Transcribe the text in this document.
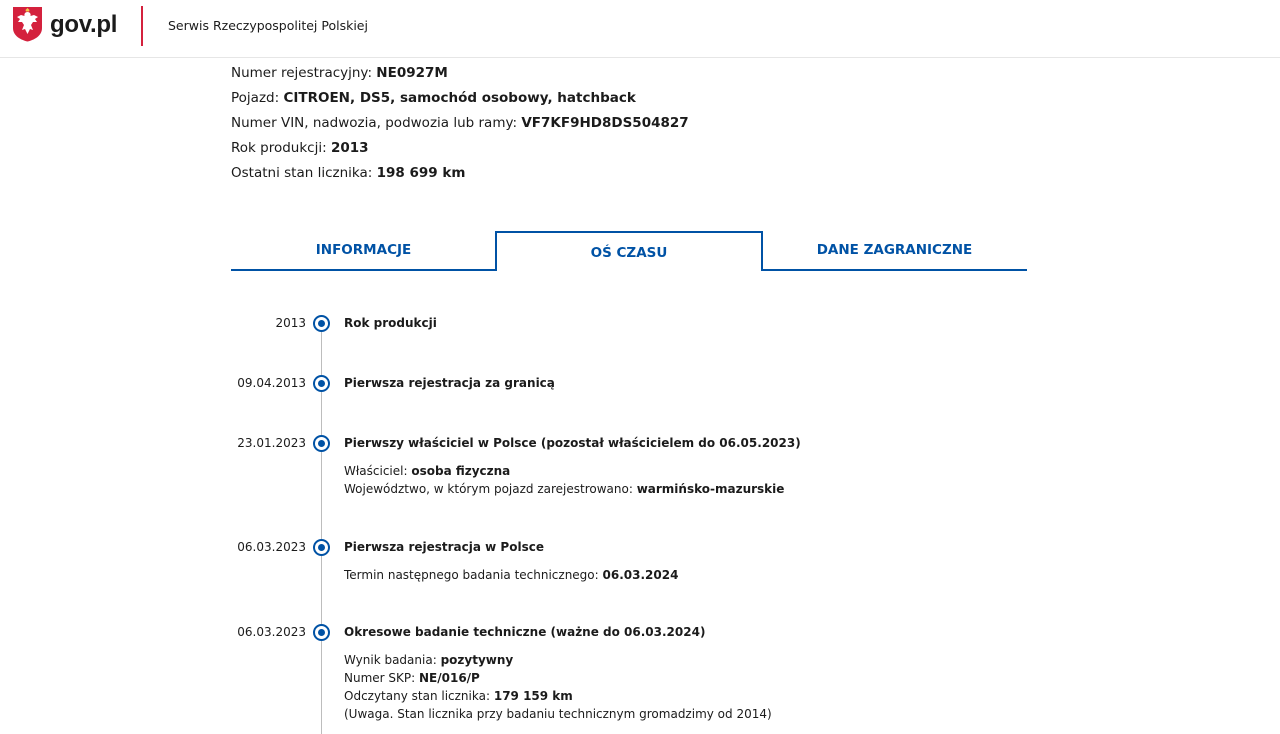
gov.pl	Serwis Rzeczypospolitej Polskiej
Numer rejestracyjny: NE0927M
Pojazd: CITROEN, DS5, samochód osobowy, hatchback
Numer VIN, nadwozia, podwozia lub ramy: VF7KF9HD8DS504827
Rok produkcji: 2013
Ostatni stan licznika: 198 699 km
INFORMACJE	OŚ CZASU	DANE ZAGRANICZNE
2013	Rok produkcji
09.04.2013	Pierwsza rejestracja za granicą
23.01.2023	Pierwszy właściciel w Polsce (pozostał właścicielem do 06.05.2023)
Właściciel: osoba fizyczna
Województwo, w którym pojazd zarejestrowano: warmińsko-mazurskie
06.03.2023	Pierwsza rejestracja w Polsce
Termin następnego badania technicznego: 06.03.2024
06.03.2023	Okresowe badanie techniczne (ważne do 06.03.2024)
Wynik badania: pozytywny
Numer SKP: NE/016/P
Odczytany stan licznika: 179 159 km
(Uwaga. Stan licznika przy badaniu technicznym gromadzimy od 2014)
